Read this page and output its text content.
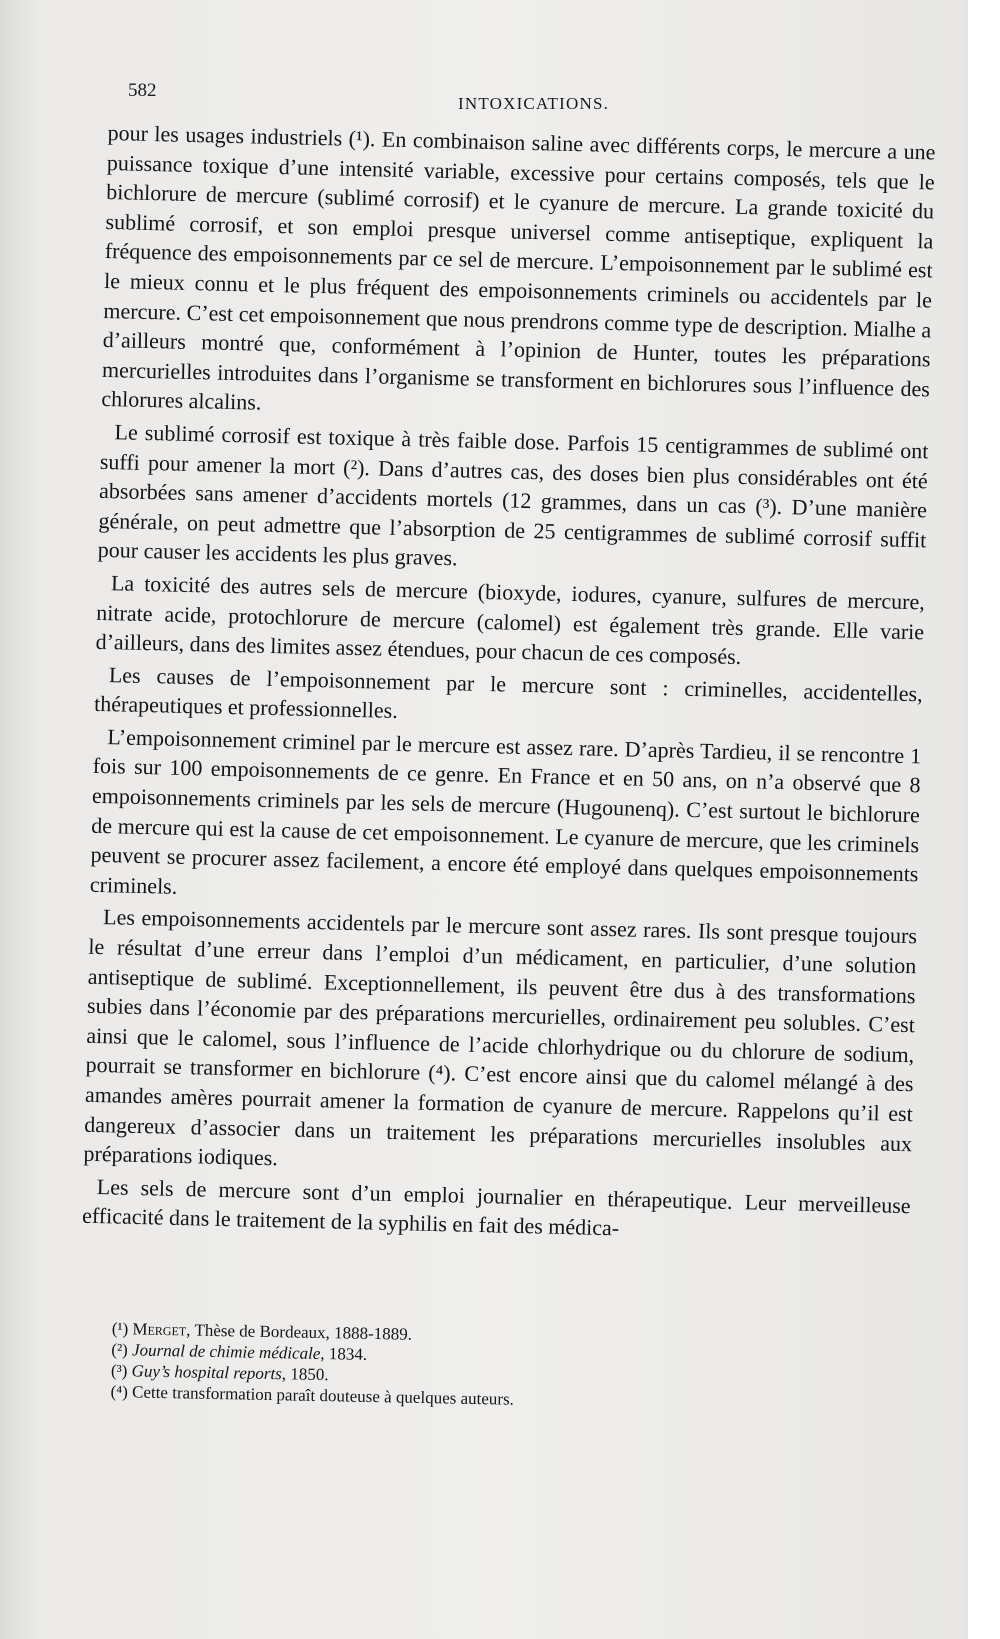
582
INTOXICATIONS.

pour les usages industriels (¹). En combinaison saline avec différents corps, le mercure a une puissance toxique d’une intensité variable, excessive pour certains composés, tels que le bichlorure de mercure (sublimé corrosif) et le cyanure de mercure. La grande toxicité du sublimé corrosif, et son emploi presque universel comme antiseptique, expliquent la fréquence des empoisonnements par ce sel de mercure. L’empoisonnement par le sublimé est le mieux connu et le plus fréquent des empoisonnements criminels ou accidentels par le mercure. C’est cet empoisonnement que nous prendrons comme type de description. Mialhe a d’ailleurs montré que, conformément à l’opinion de Hunter, toutes les préparations mercurielles introduites dans l’organisme se transforment en bichlorures sous l’influence des chlorures alcalins.

Le sublimé corrosif est toxique à très faible dose. Parfois 15 centigrammes de sublimé ont suffi pour amener la mort (²). Dans d’autres cas, des doses bien plus considérables ont été absorbées sans amener d’accidents mortels (12 grammes, dans un cas (³). D’une manière générale, on peut admettre que l’absorption de 25 centigrammes de sublimé corrosif suffit pour causer les accidents les plus graves.

La toxicité des autres sels de mercure (bioxyde, iodures, cyanure, sulfures de mercure, nitrate acide, protochlorure de mercure (calomel) est également très grande. Elle varie d’ailleurs, dans des limites assez étendues, pour chacun de ces composés.

Les causes de l’empoisonnement par le mercure sont : criminelles, accidentelles, thérapeutiques et professionnelles.

L’empoisonnement criminel par le mercure est assez rare. D’après Tardieu, il se rencontre 1 fois sur 100 empoisonnements de ce genre. En France et en 50 ans, on n’a observé que 8 empoisonnements criminels par les sels de mercure (Hugounenq). C’est surtout le bichlorure de mercure qui est la cause de cet empoisonnement. Le cyanure de mercure, que les criminels peuvent se procurer assez facilement, a encore été employé dans quelques empoisonnements criminels.

Les empoisonnements accidentels par le mercure sont assez rares. Ils sont presque toujours le résultat d’une erreur dans l’emploi d’un médicament, en particulier, d’une solution antiseptique de sublimé. Exceptionnellement, ils peuvent être dus à des transformations subies dans l’économie par des préparations mercurielles, ordinairement peu solubles. C’est ainsi que le calomel, sous l’influence de l’acide chlorhydrique ou du chlorure de sodium, pourrait se transformer en bichlorure (⁴). C’est encore ainsi que du calomel mélangé à des amandes amères pourrait amener la formation de cyanure de mercure. Rappelons qu’il est dangereux d’associer dans un traitement les préparations mercurielles insolubles aux préparations iodiques.

Les sels de mercure sont d’un emploi journalier en thérapeutique. Leur merveilleuse efficacité dans le traitement de la syphilis en fait des médica-

(¹) Merget, Thèse de Bordeaux, 1888-1889.
(²) Journal de chimie médicale, 1834.
(³) Guy’s hospital reports, 1850.
(⁴) Cette transformation paraît douteuse à quelques auteurs.
